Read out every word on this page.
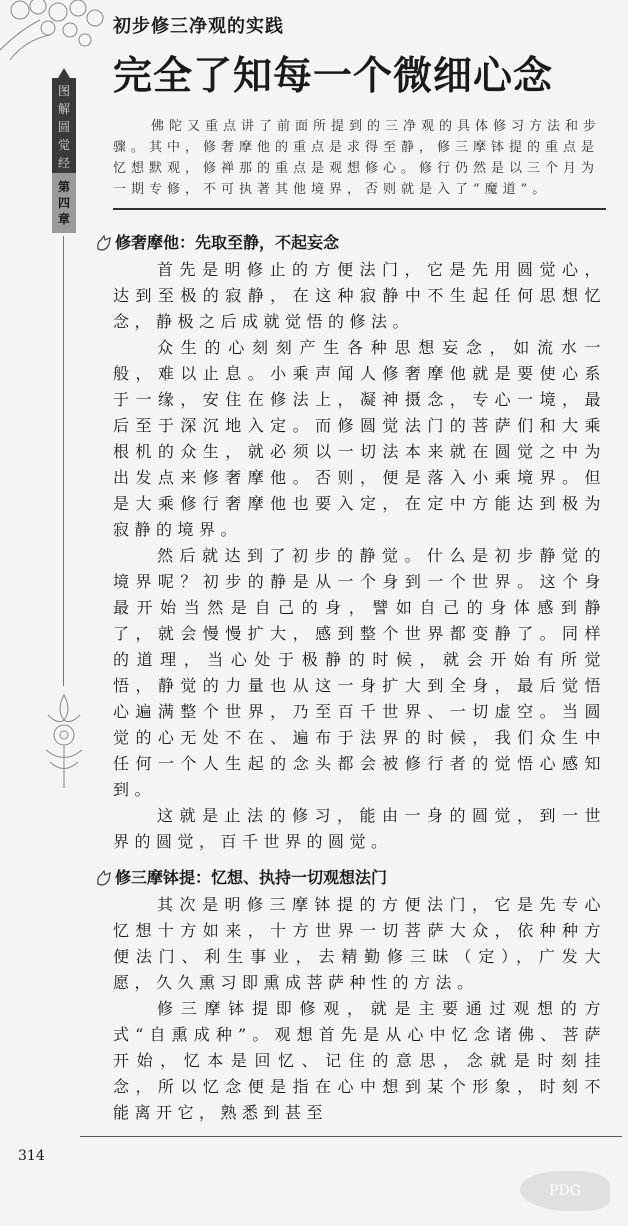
图
解
圆
觉
经
第
四
章
初步修三净观的实践
完全了知每一个微细心念

佛陀又重点讲了前面所提到的三净观的具体修习方法和步骤。其中，修奢摩他的重点是求得至静，修三摩钵提的重点是忆想默观，修禅那的重点是观想修心。修行仍然是以三个月为一期专修，不可执著其他境界，否则就是入了“魔道”。

修奢摩他：先取至静，不起妄念

首先是明修止的方便法门，它是先用圆觉心，达到至极的寂静，在这种寂静中不生起任何思想忆念，静极之后成就觉悟的修法。

众生的心刻刻产生各种思想妄念，如流水一般，难以止息。小乘声闻人修奢摩他就是要使心系于一缘，安住在修法上，凝神摄念，专心一境，最后至于深沉地入定。而修圆觉法门的菩萨们和大乘根机的众生，就必须以一切法本来就在圆觉之中为出发点来修奢摩他。否则，便是落入小乘境界。但是大乘修行奢摩他也要入定，在定中方能达到极为寂静的境界。

然后就达到了初步的静觉。什么是初步静觉的境界呢？初步的静是从一个身到一个世界。这个身最开始当然是自己的身，譬如自己的身体感到静了，就会慢慢扩大，感到整个世界都变静了。同样的道理，当心处于极静的时候，就会开始有所觉悟，静觉的力量也从这一身扩大到全身，最后觉悟心遍满整个世界，乃至百千世界、一切虚空。当圆觉的心无处不在、遍布于法界的时候，我们众生中任何一个人生起的念头都会被修行者的觉悟心感知到。

这就是止法的修习，能由一身的圆觉，到一世界的圆觉，百千世界的圆觉。

修三摩钵提：忆想、执持一切观想法门

其次是明修三摩钵提的方便法门，它是先专心忆想十方如来，十方世界一切菩萨大众，依种种方便法门、利生事业，去精勤修三昧（定），广发大愿，久久熏习即熏成菩萨种性的方法。

修三摩钵提即修观，就是主要通过观想的方式“自熏成种”。观想首先是从心中忆念诸佛、菩萨开始，忆本是回忆、记住的意思，念就是时刻挂念，所以忆念便是指在心中想到某个形象，时刻不能离开它，熟悉到甚至

314
PDG
